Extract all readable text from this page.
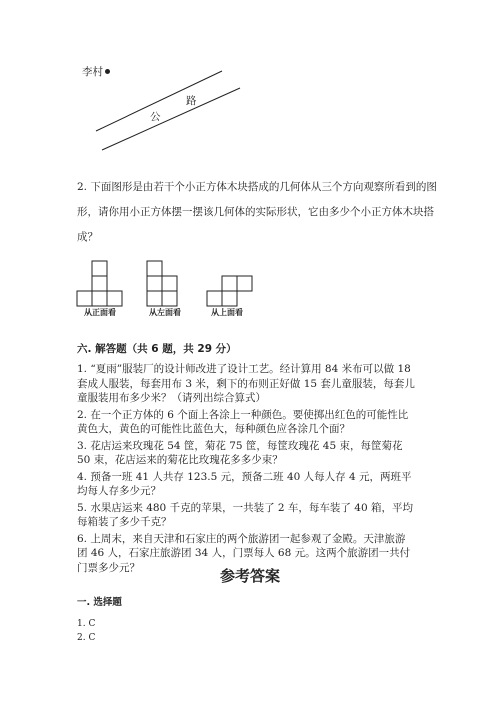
李村
公
路
2. 下面图形是由若干个小正方体木块搭成的几何体从三个方向观察所看到的图
形，请你用小正方体摆一摆该几何体的实际形状，它由多少个小正方体木块搭
成？
从正面看	从左面看	从上面看
六. 解答题（共 6 题，共 29 分）
1. “夏雨”服装厂的设计师改进了设计工艺。经计算用 84 米布可以做 18 套成人服装，每套用布 3 米，剩下的布则正好做 15 套儿童服装，每套儿童服装用布多少米？（请列出综合算式）
2. 在一个正方体的 6 个面上各涂上一种颜色。要使掷出红色的可能性比黄色大，黄色的可能性比蓝色大，每种颜色应各涂几个面？
3. 花店运来玫瑰花 54 筐，菊花 75 筐，每筐玫瑰花 45 束，每筐菊花 50 束，花店运来的菊花比玫瑰花多多少束？
4. 预备一班 41 人共存 123.5 元，预备二班 40 人每人存 4 元，两班平均每人存多少元？
5. 水果店运来 480 千克的苹果，一共装了 2 车，每车装了 40 箱，平均每箱装了多少千克？
6. 上周末，来自天津和石家庄的两个旅游团一起参观了金殿。天津旅游团 46 人，石家庄旅游团 34 人，门票每人 68 元。这两个旅游团一共付门票多少元？	参考答案
一. 选择题
1. C
2. C
